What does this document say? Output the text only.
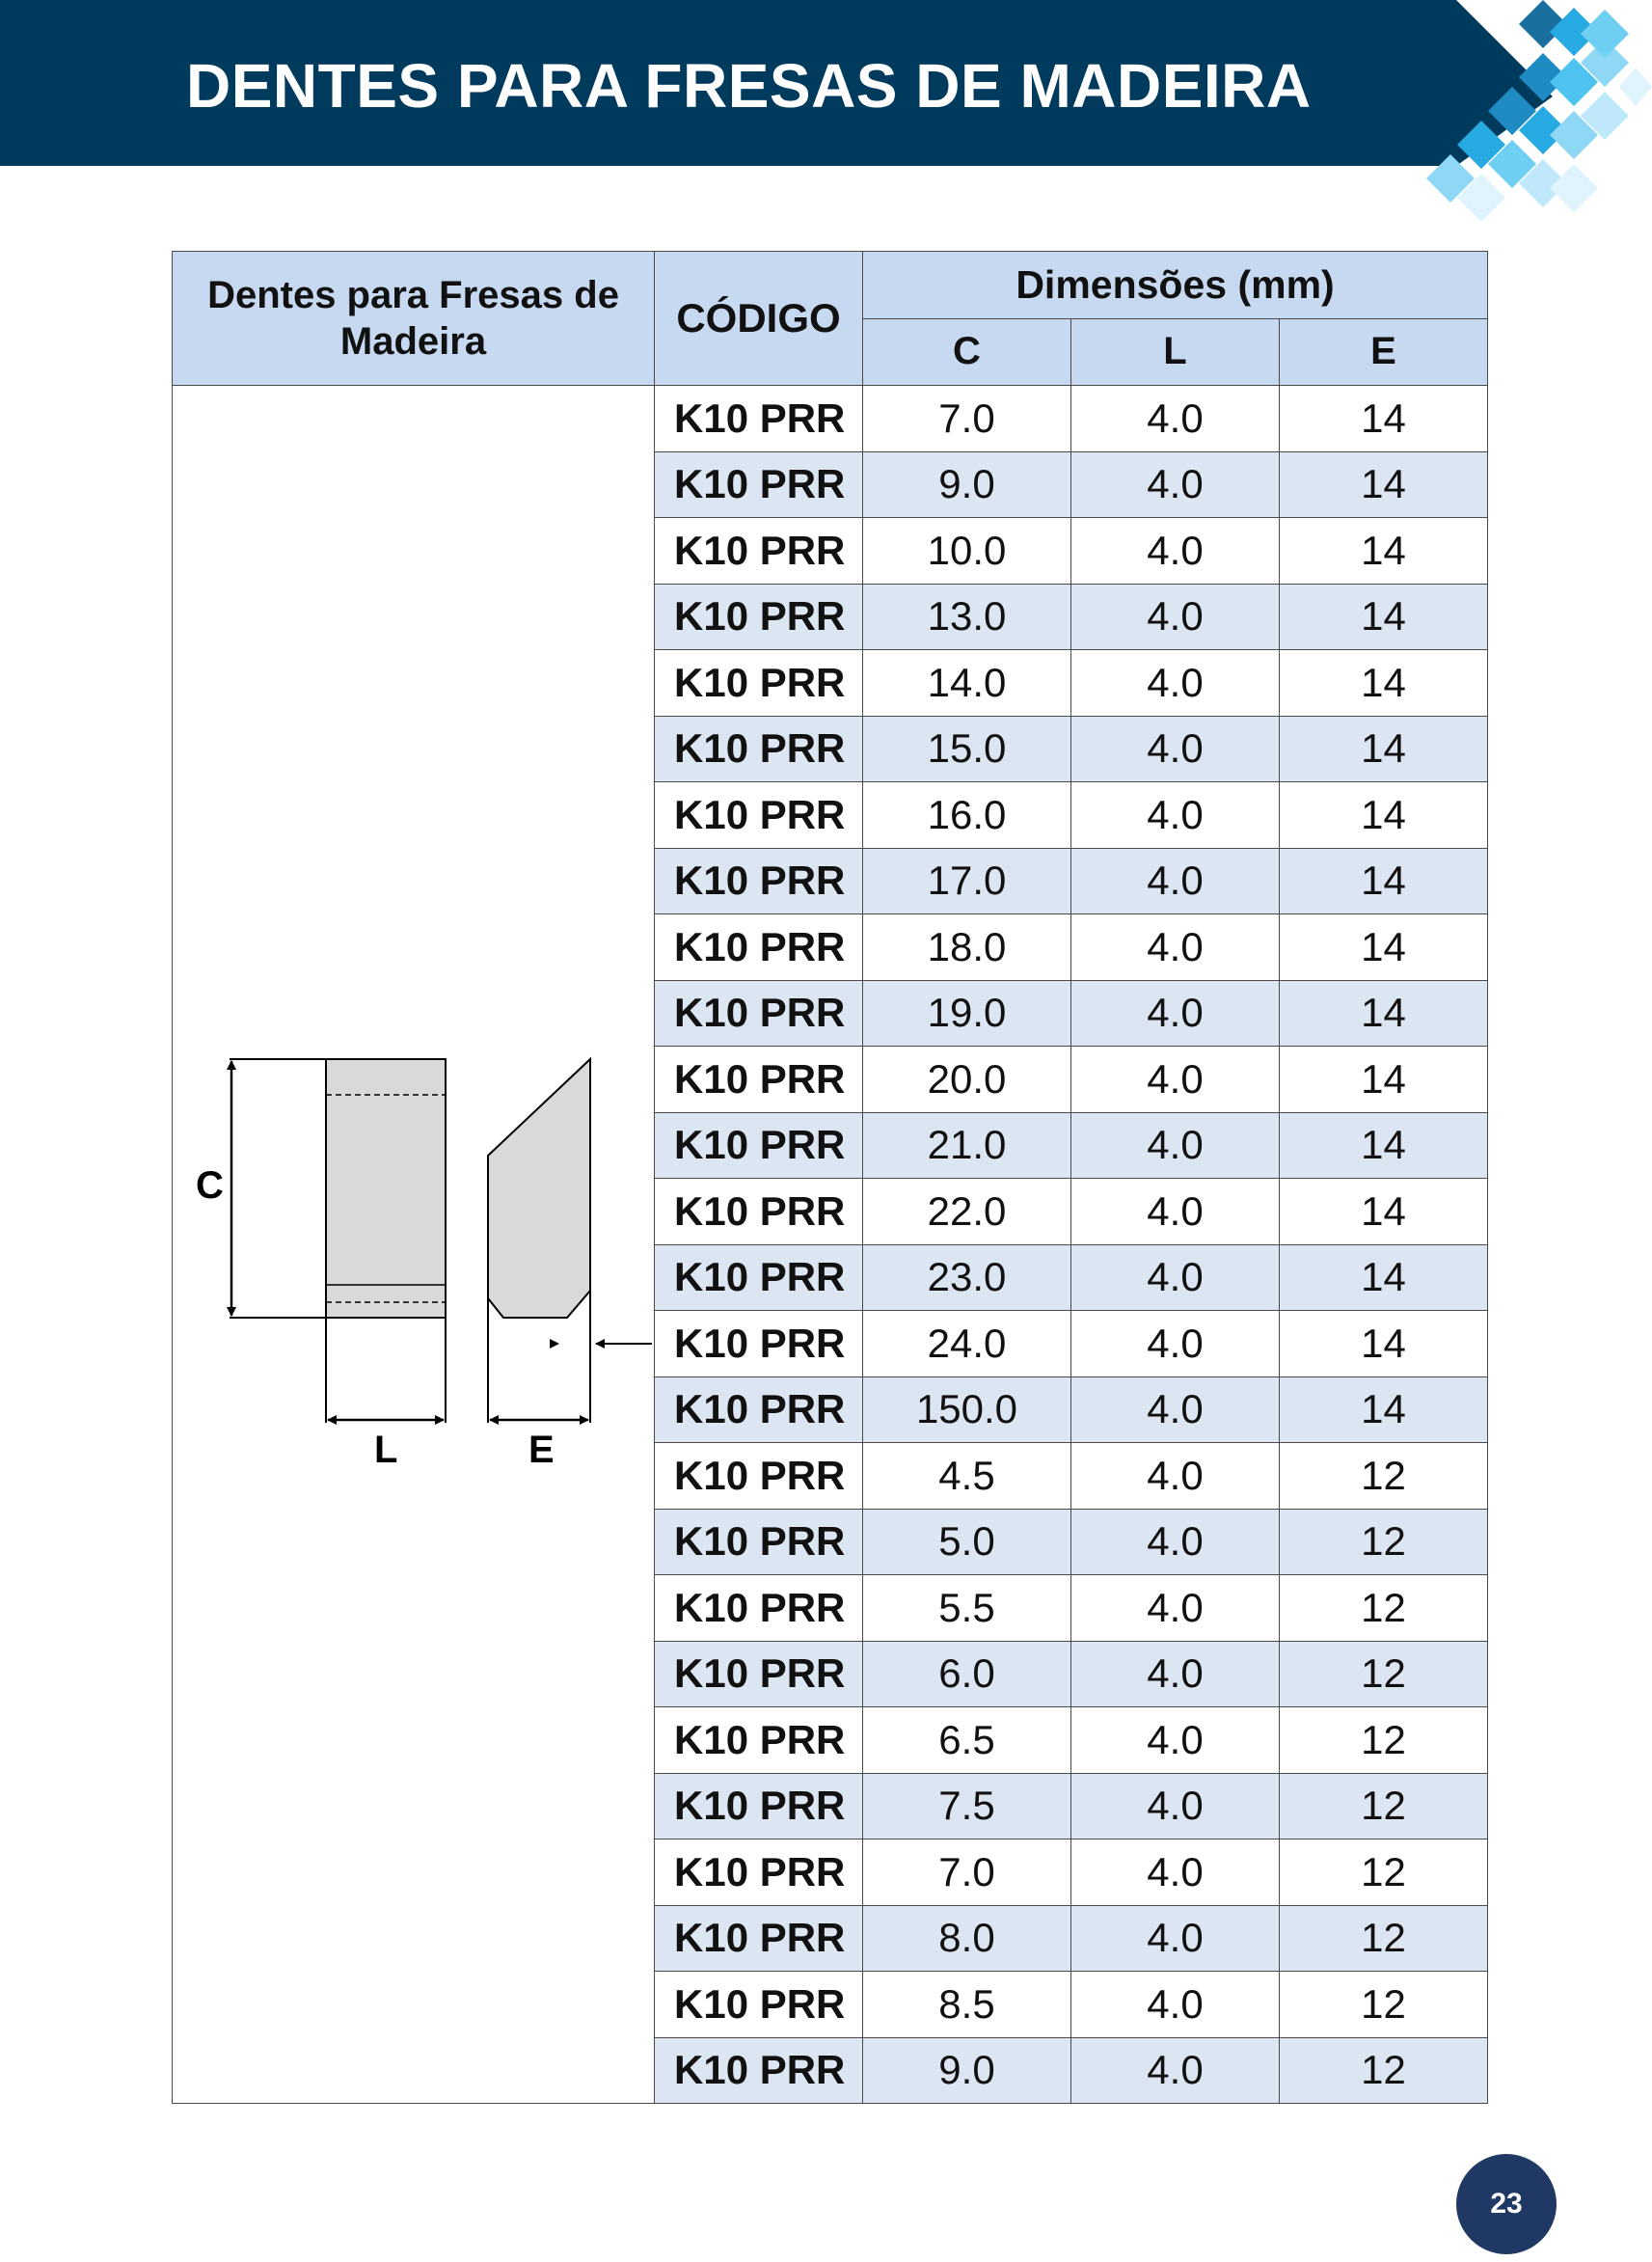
DENTES PARA FRESAS DE MADEIRA
Dentes para Fresas de Madeira	CÓDIGO	Dimensões (mm)		
		C	L	E
	K10 PRR	7.0	4.0	14
	K10 PRR	9.0	4.0	14
	K10 PRR	10.0	4.0	14
	K10 PRR	13.0	4.0	14
	K10 PRR	14.0	4.0	14
	K10 PRR	15.0	4.0	14
	K10 PRR	16.0	4.0	14
	K10 PRR	17.0	4.0	14
	K10 PRR	18.0	4.0	14
	K10 PRR	19.0	4.0	14
	K10 PRR	20.0	4.0	14
	K10 PRR	21.0	4.0	14
	K10 PRR	22.0	4.0	14
	K10 PRR	23.0	4.0	14
	K10 PRR	24.0	4.0	14
	K10 PRR	150.0	4.0	14
	K10 PRR	4.5	4.0	12
	K10 PRR	5.0	4.0	12
	K10 PRR	5.5	4.0	12
	K10 PRR	6.0	4.0	12
	K10 PRR	6.5	4.0	12
	K10 PRR	7.5	4.0	12
	K10 PRR	7.0	4.0	12
	K10 PRR	8.0	4.0	12
	K10 PRR	8.5	4.0	12
	K10 PRR	9.0	4.0	12
C
L	E
23
